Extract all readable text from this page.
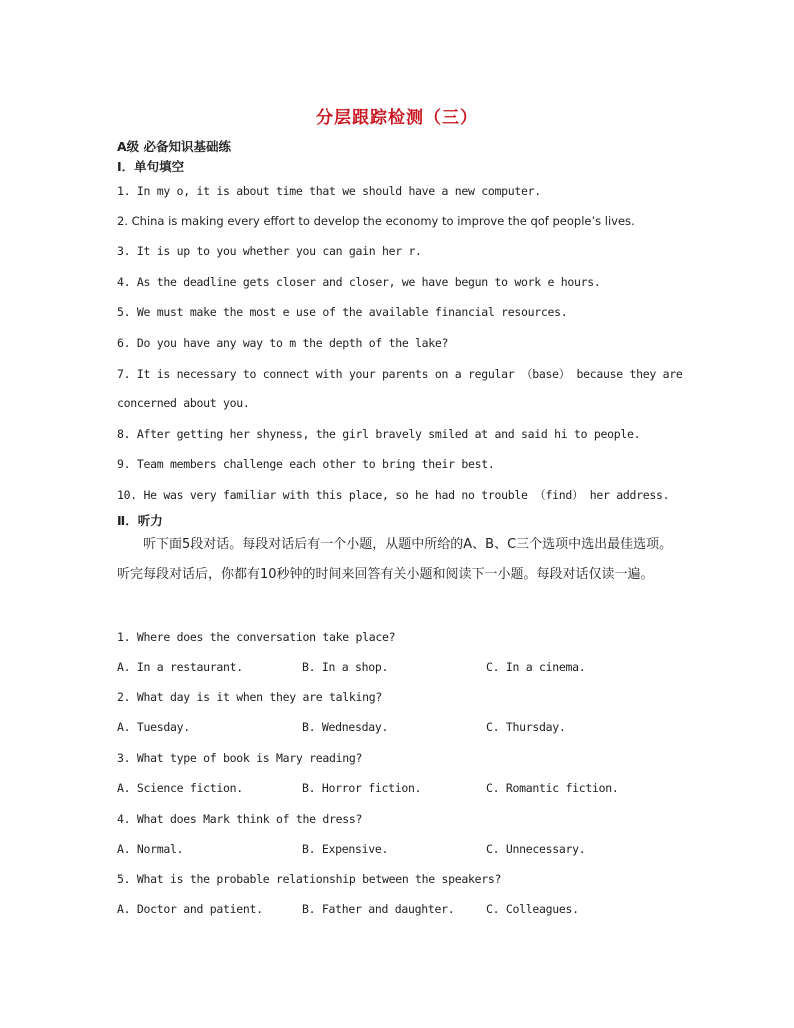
分层跟踪检测（三）
A级 必备知识基础练
Ⅰ．单句填空
1. In my o, it is about time that we should have a new computer.
2. China is making every effort to develop the economy to improve the qof people’s lives.
3. It is up to you whether you can gain her r.
4. As the deadline gets closer and closer, we have begun to work e hours.
5. We must make the most e use of the available financial resources.
6. Do you have any way to m the depth of the lake?
7. It is necessary to connect with your parents on a regular （base） because they are
concerned about you.
8. After getting her shyness, the girl bravely smiled at and said hi to people.
9. Team members challenge each other to bring their best.
10. He was very familiar with this place, so he had no trouble （find） her address.
Ⅱ．听力
听下面5段对话。每段对话后有一个小题，从题中所给的A、B、C三个选项中选出最佳选项。听完每段对话后，你都有10秒钟的时间来回答有关小题和阅读下一小题。每段对话仅读一遍。
1. Where does the conversation take place?
A. In a restaurant.	B. In a shop.	C. In a cinema.
2. What day is it when they are talking?
A. Tuesday.	B. Wednesday.	C. Thursday.
3. What type of book is Mary reading?
A. Science fiction.	B. Horror fiction.	C. Romantic fiction.
4. What does Mark think of the dress?
A. Normal.	B. Expensive.	C. Unnecessary.
5. What is the probable relationship between the speakers?
A. Doctor and patient.	B. Father and daughter.	C. Colleagues.
